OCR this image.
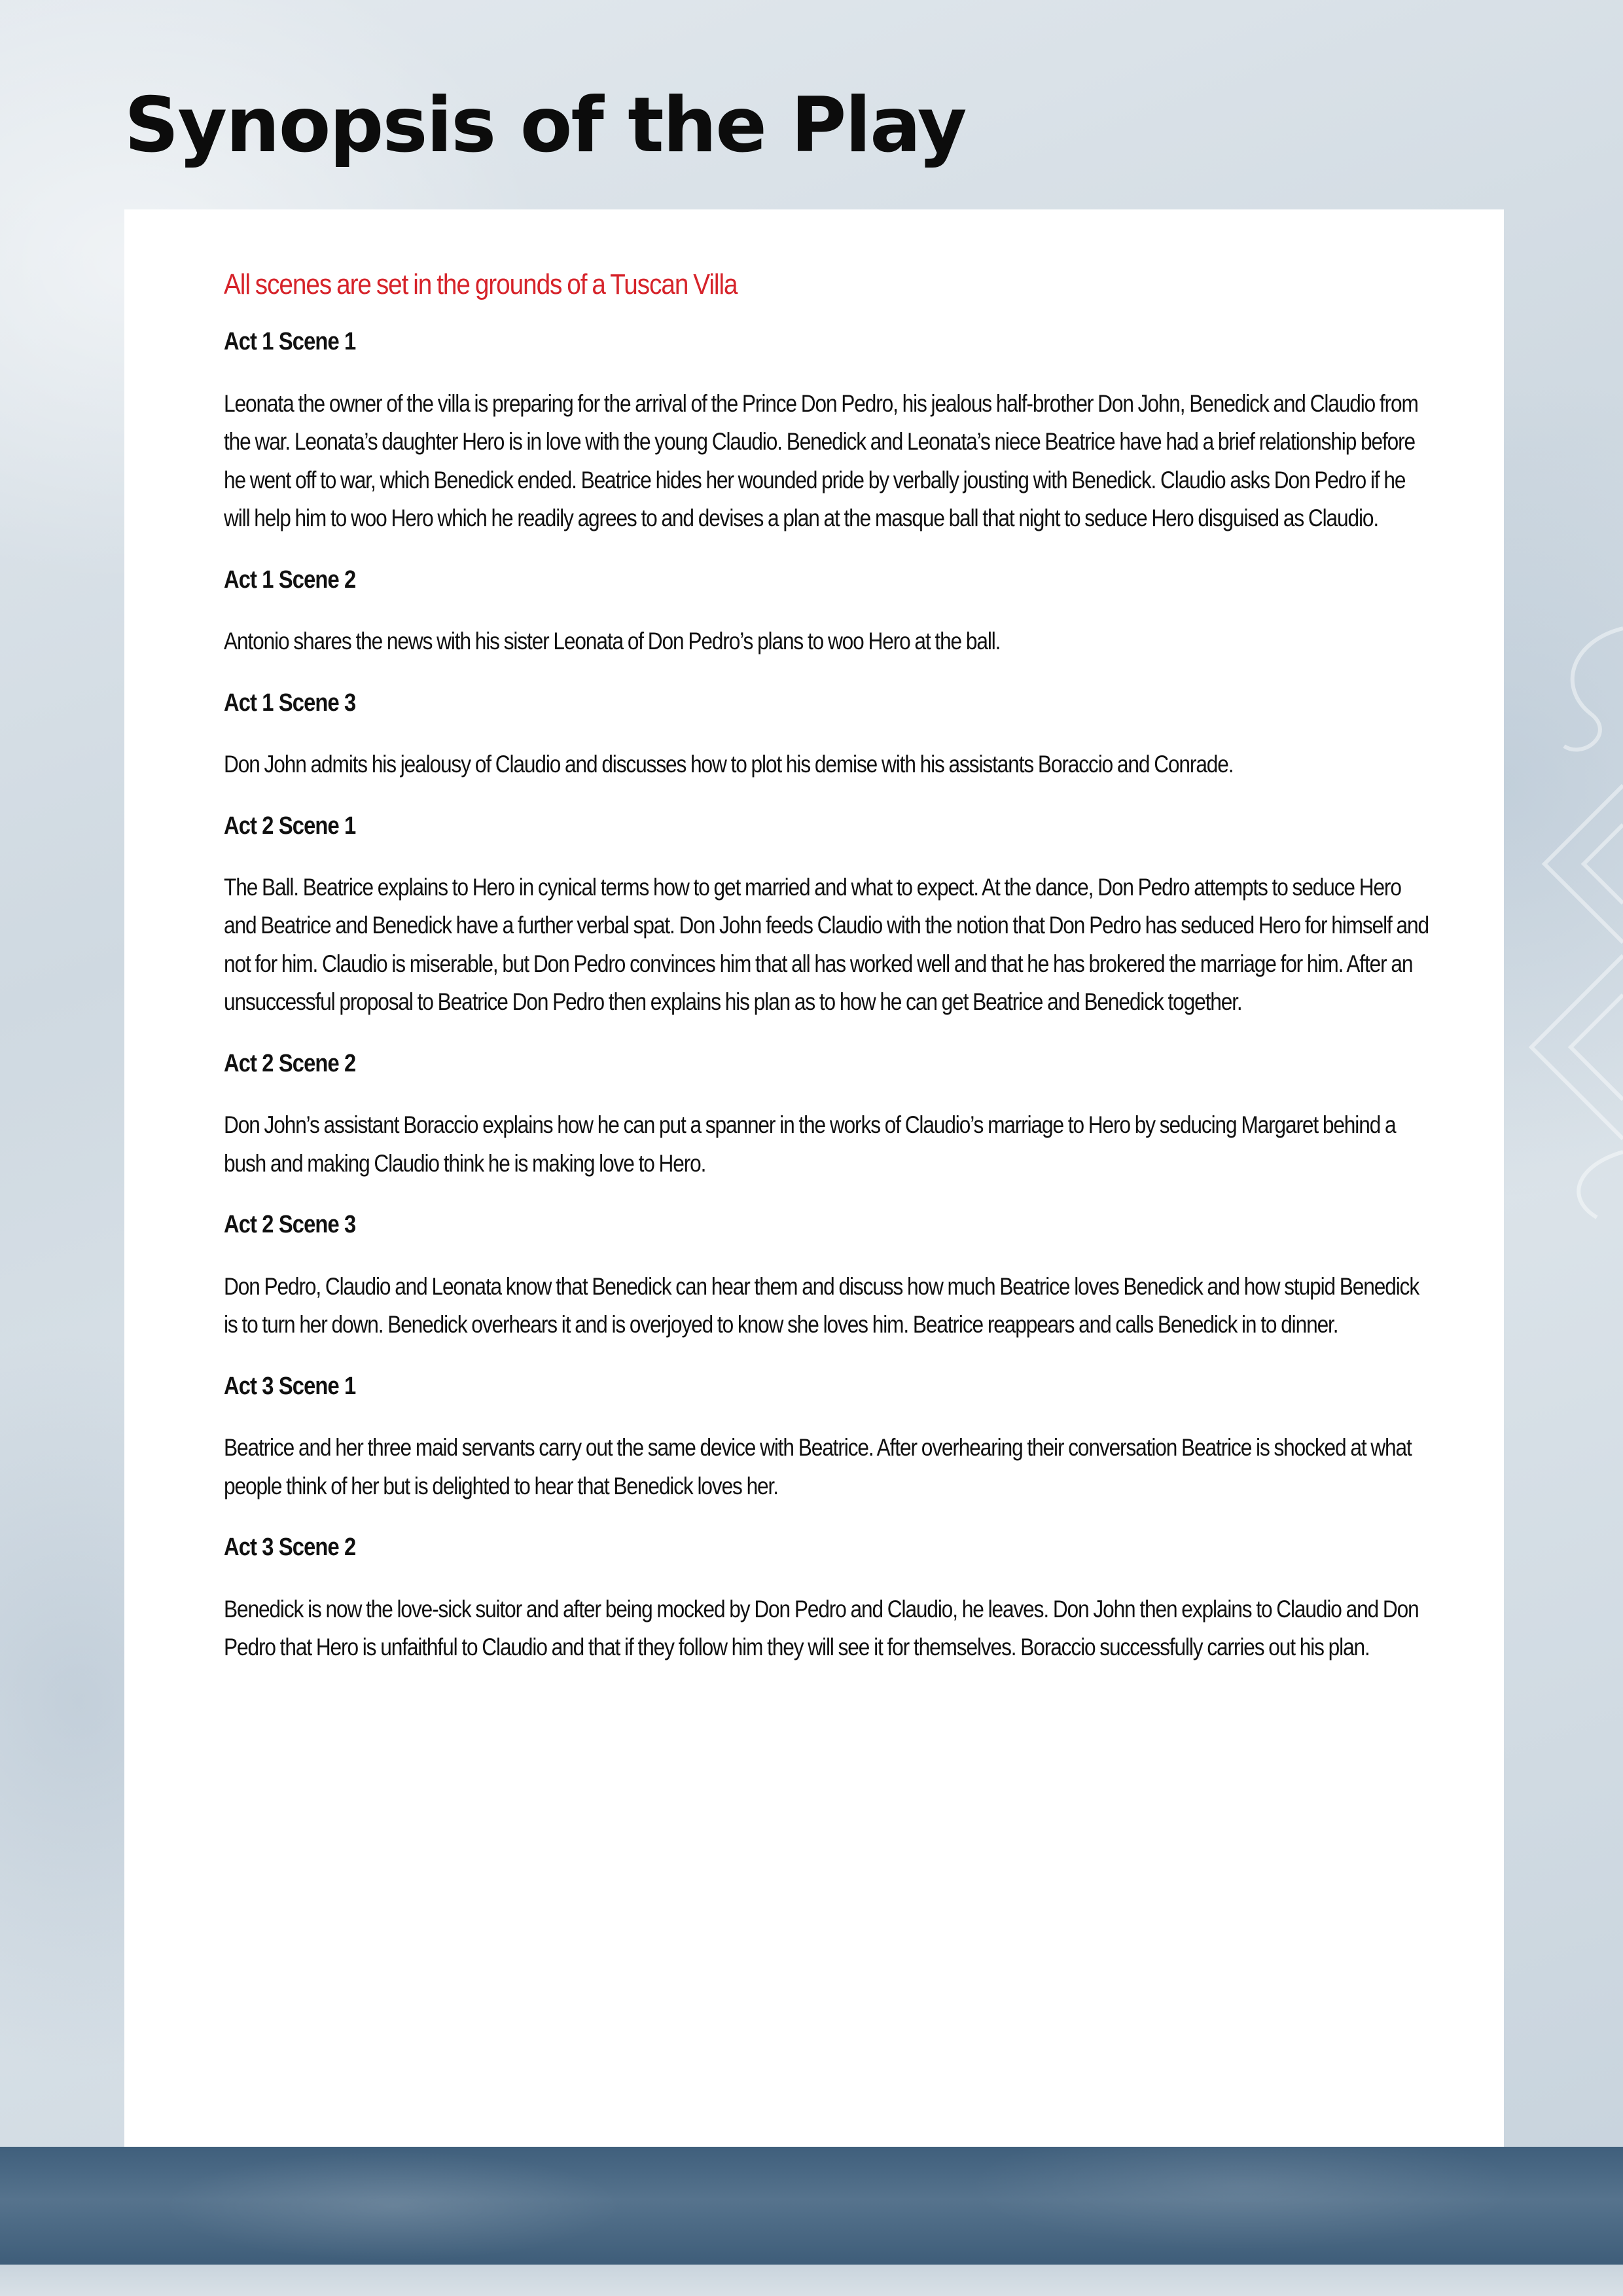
Synopsis of the Play

All scenes are set in the grounds of a Tuscan Villa

Act 1 Scene 1

Leonata the owner of the villa is preparing for the arrival of the Prince Don Pedro, his jealous half-brother Don John, Benedick and Claudio from the war. Leonata’s daughter Hero is in love with the young Claudio. Benedick and Leonata’s niece Beatrice have had a brief relationship before he went off to war, which Benedick ended. Beatrice hides her wounded pride by verbally jousting with Benedick. Claudio asks Don Pedro if he will help him to woo Hero which he readily agrees to and devises a plan at the masque ball that night to seduce Hero disguised as Claudio.

Act 1 Scene 2

Antonio shares the news with his sister Leonata of Don Pedro’s plans to woo Hero at the ball.

Act 1 Scene 3

Don John admits his jealousy of Claudio and discusses how to plot his demise with his assistants Boraccio and Conrade.

Act 2 Scene 1

The Ball. Beatrice explains to Hero in cynical terms how to get married and what to expect. At the dance, Don Pedro attempts to seduce Hero and Beatrice and Benedick have a further verbal spat. Don John feeds Claudio with the notion that Don Pedro has seduced Hero for himself and not for him. Claudio is miserable, but Don Pedro convinces him that all has worked well and that he has brokered the marriage for him. After an unsuccessful proposal to Beatrice Don Pedro then explains his plan as to how he can get Beatrice and Benedick together.

Act 2 Scene 2

Don John’s assistant Boraccio explains how he can put a spanner in the works of Claudio’s marriage to Hero by seducing Margaret behind a bush and making Claudio think he is making love to Hero.

Act 2 Scene 3

Don Pedro, Claudio and Leonata know that Benedick can hear them and discuss how much Beatrice loves Benedick and how stupid Benedick is to turn her down. Benedick overhears it and is overjoyed to know she loves him. Beatrice reappears and calls Benedick in to dinner.

Act 3 Scene 1

Beatrice and her three maid servants carry out the same device with Beatrice. After overhearing their conversation Beatrice is shocked at what people think of her but is delighted to hear that Benedick loves her.

Act 3 Scene 2

Benedick is now the love-sick suitor and after being mocked by Don Pedro and Claudio, he leaves. Don John then explains to Claudio and Don Pedro that Hero is unfaithful to Claudio and that if they follow him they will see it for themselves. Boraccio successfully carries out his plan.
